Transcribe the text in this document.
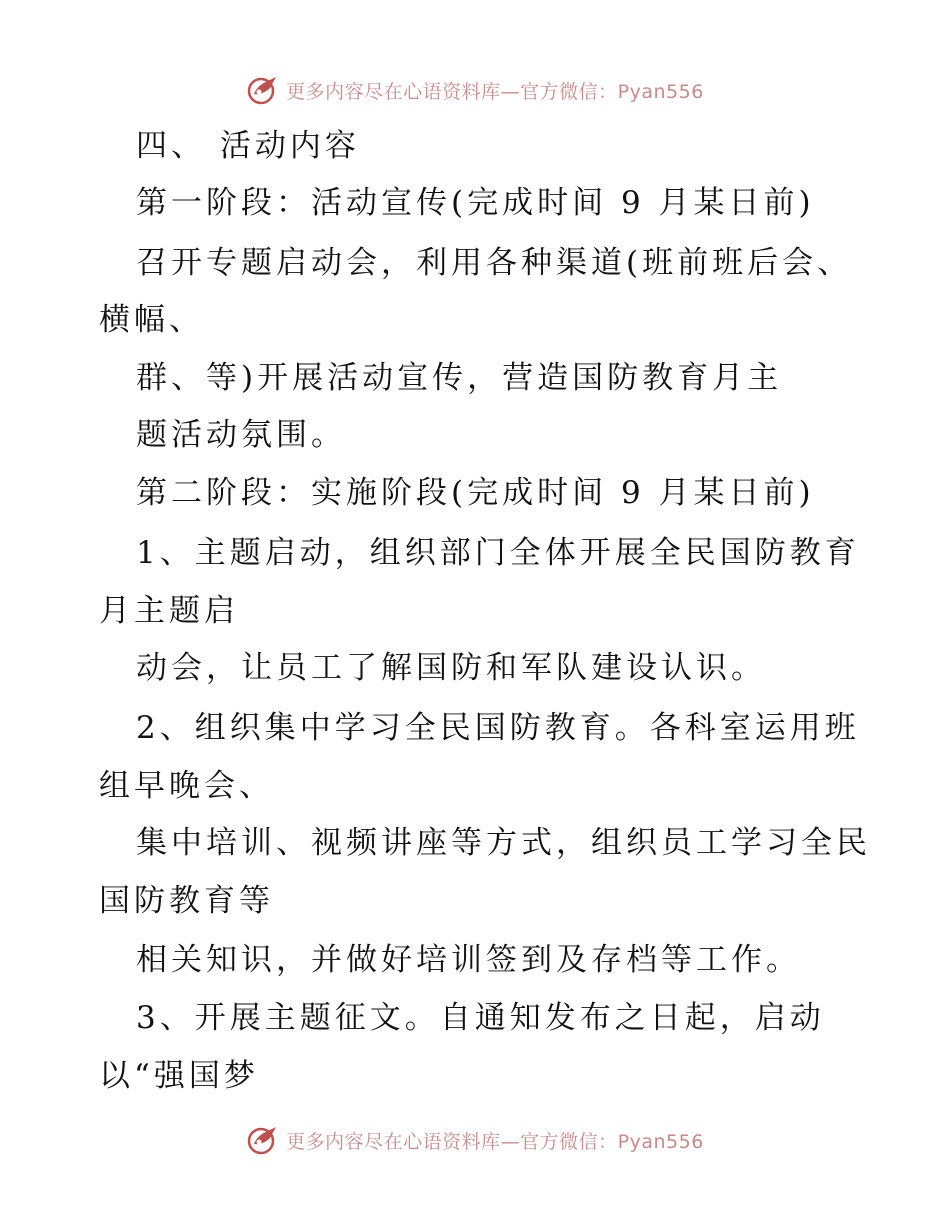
更多内容尽在心语资料库—官方微信：Pyan556
四、 活动内容
第一阶段：活动宣传(完成时间 9 月某日前)
召开专题启动会，利用各种渠道(班前班后会、
横幅、
群、等)开展活动宣传，营造国防教育月主
题活动氛围。
第二阶段：实施阶段(完成时间 9 月某日前)
1、主题启动，组织部门全体开展全民国防教育
月主题启
动会，让员工了解国防和军队建设认识。
2、组织集中学习全民国防教育。各科室运用班
组早晚会、
集中培训、视频讲座等方式，组织员工学习全民
国防教育等
相关知识，并做好培训签到及存档等工作。
3、开展主题征文。自通知发布之日起，启动
以“强国梦
更多内容尽在心语资料库—官方微信：Pyan556
